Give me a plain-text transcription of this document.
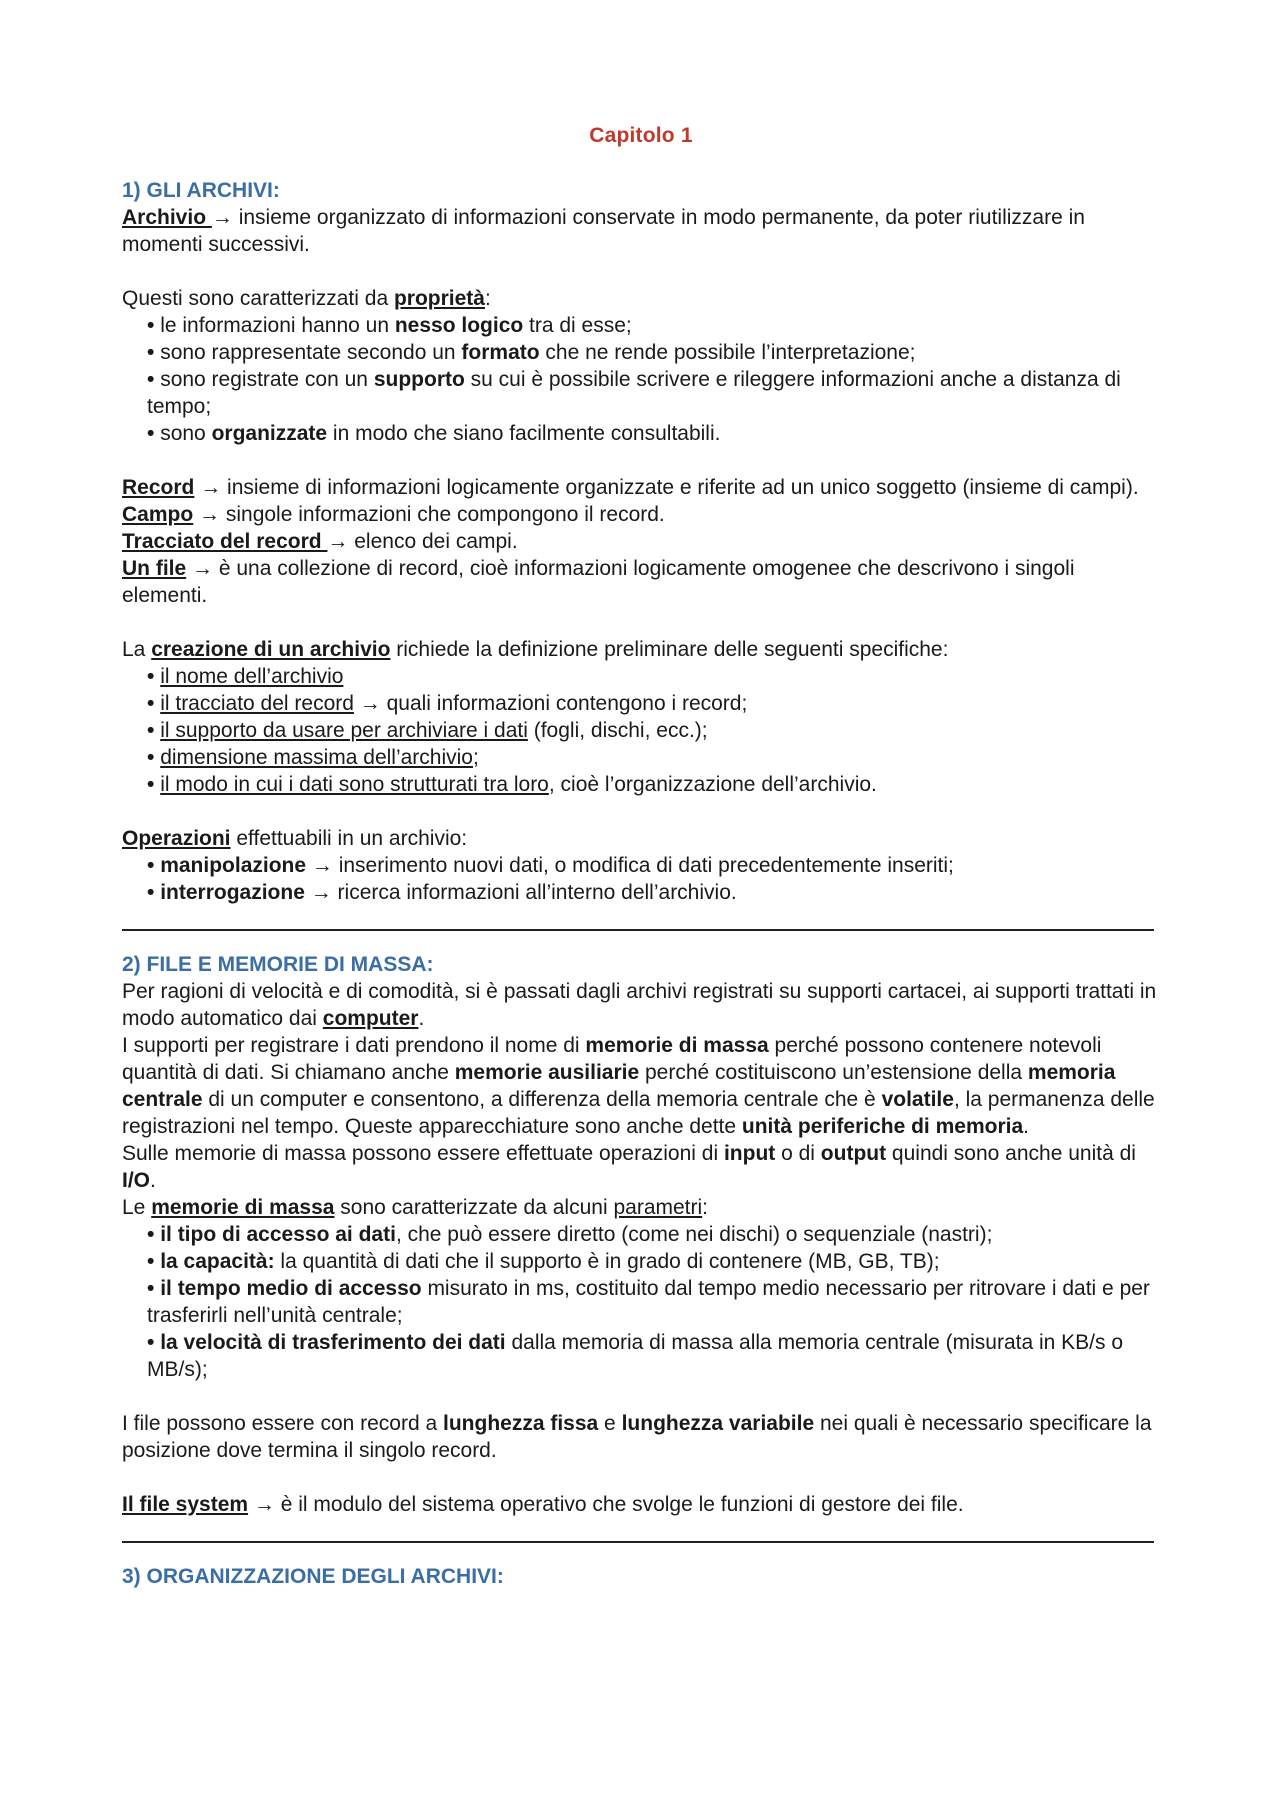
Capitolo 1
1) GLI ARCHIVI:

Archivio → insieme organizzato di informazioni conservate in modo permanente, da poter riutilizzare in momenti successivi.

Questi sono caratterizzati da proprietà:

• le informazioni hanno un nesso logico tra di esse;

• sono rappresentate secondo un formato che ne rende possibile l’interpretazione;

• sono registrate con un supporto su cui è possibile scrivere e rileggere informazioni anche a distanza di tempo;

• sono organizzate in modo che siano facilmente consultabili.

Record → insieme di informazioni logicamente organizzate e riferite ad un unico soggetto (insieme di campi).

Campo → singole informazioni che compongono il record.

Tracciato del record → elenco dei campi.

Un file → è una collezione di record, cioè informazioni logicamente omogenee che descrivono i singoli elementi.

La creazione di un archivio richiede la definizione preliminare delle seguenti specifiche:

• il nome dell’archivio

• il tracciato del record → quali informazioni contengono i record;

• il supporto da usare per archiviare i dati (fogli, dischi, ecc.);

• dimensione massima dell’archivio;

• il modo in cui i dati sono strutturati tra loro, cioè l’organizzazione dell’archivio.

Operazioni effettuabili in un archivio:

• manipolazione → inserimento nuovi dati, o modifica di dati precedentemente inseriti;

• interrogazione → ricerca informazioni all’interno dell’archivio.

2) FILE E MEMORIE DI MASSA:

Per ragioni di velocità e di comodità, si è passati dagli archivi registrati su supporti cartacei, ai supporti trattati in modo automatico dai computer.

I supporti per registrare i dati prendono il nome di memorie di massa perché possono contenere notevoli quantità di dati. Si chiamano anche memorie ausiliarie perché costituiscono un’estensione della memoria centrale di un computer e consentono, a differenza della memoria centrale che è volatile, la permanenza delle registrazioni nel tempo. Queste apparecchiature sono anche dette unità periferiche di memoria.

Sulle memorie di massa possono essere effettuate operazioni di input o di output quindi sono anche unità di I/O.

Le memorie di massa sono caratterizzate da alcuni parametri:

• il tipo di accesso ai dati, che può essere diretto (come nei dischi) o sequenziale (nastri);

• la capacità: la quantità di dati che il supporto è in grado di contenere (MB, GB, TB);

• il tempo medio di accesso misurato in ms, costituito dal tempo medio necessario per ritrovare i dati e per trasferirli nell’unità centrale;

• la velocità di trasferimento dei dati dalla memoria di massa alla memoria centrale (misurata in KB/s o MB/s);

I file possono essere con record a lunghezza fissa e lunghezza variabile nei quali è necessario specificare la posizione dove termina il singolo record.

Il file system → è il modulo del sistema operativo che svolge le funzioni di gestore dei file.

3) ORGANIZZAZIONE DEGLI ARCHIVI:
